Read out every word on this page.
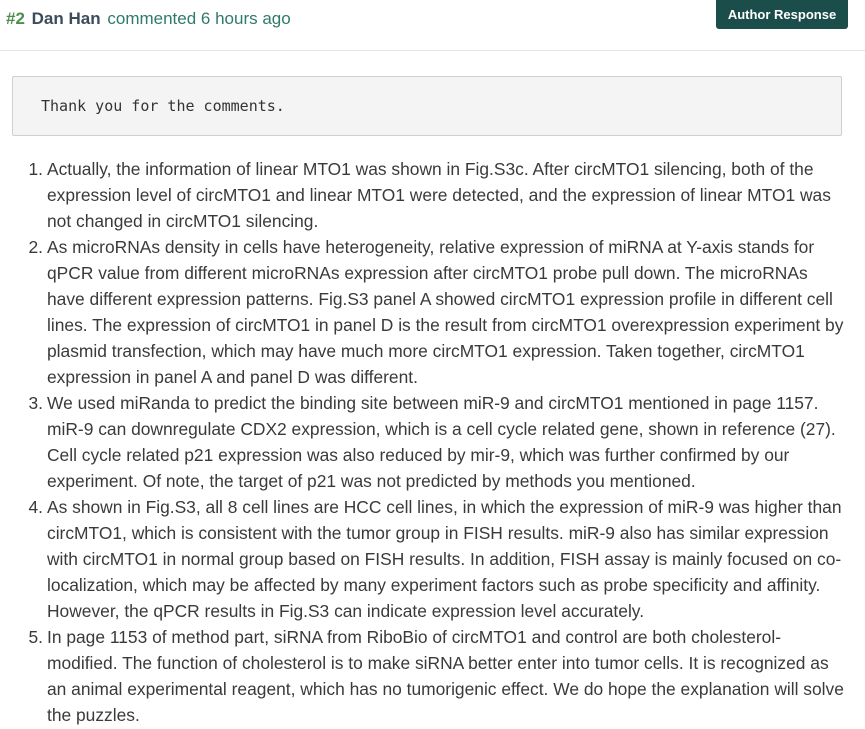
#2 Dan Han commented 6 hours ago	Author Response
Thank you for the comments.
Actually, the information of linear MTO1 was shown in Fig.S3c. After circMTO1 silencing, both of the expression level of circMTO1 and linear MTO1 were detected, and the expression of linear MTO1 was not changed in circMTO1 silencing.
As microRNAs density in cells have heterogeneity, relative expression of miRNA at Y-axis stands for qPCR value from different microRNAs expression after circMTO1 probe pull down. The microRNAs have different expression patterns. Fig.S3 panel A showed circMTO1 expression profile in different cell lines. The expression of circMTO1 in panel D is the result from circMTO1 overexpression experiment by plasmid transfection, which may have much more circMTO1 expression. Taken together, circMTO1 expression in panel A and panel D was different.
We used miRanda to predict the binding site between miR-9 and circMTO1 mentioned in page 1157. miR-9 can downregulate CDX2 expression, which is a cell cycle related gene, shown in reference (27). Cell cycle related p21 expression was also reduced by mir-9, which was further confirmed by our experiment. Of note, the target of p21 was not predicted by methods you mentioned.
As shown in Fig.S3, all 8 cell lines are HCC cell lines, in which the expression of miR-9 was higher than circMTO1, which is consistent with the tumor group in FISH results. miR-9 also has similar expression with circMTO1 in normal group based on FISH results. In addition, FISH assay is mainly focused on co-localization, which may be affected by many experiment factors such as probe specificity and affinity. However, the qPCR results in Fig.S3 can indicate expression level accurately.
In page 1153 of method part, siRNA from RiboBio of circMTO1 and control are both cholesterol-modified. The function of cholesterol is to make siRNA better enter into tumor cells. It is recognized as an animal experimental reagent, which has no tumorigenic effect. We do hope the explanation will solve the puzzles.
